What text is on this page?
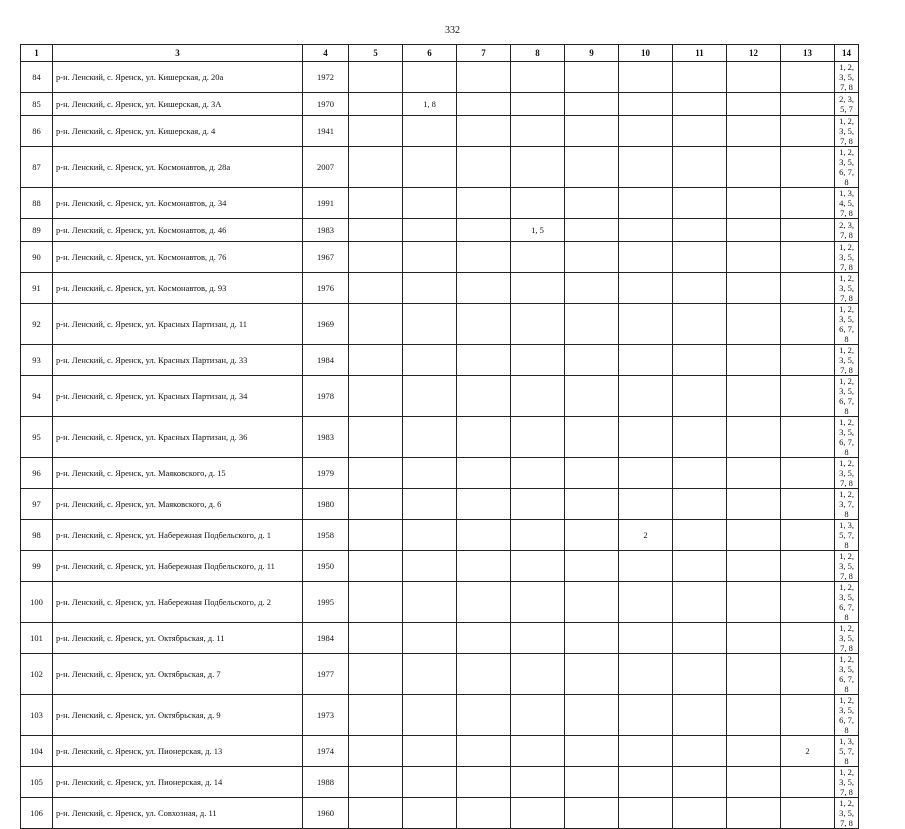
332
1	3	4	5	6	7	8	9	10	11	12	13	14
84	р-н. Ленский, с. Яренск, ул. Кишерская, д. 20а	1972										1, 2, 3, 5, 7, 8
85	р-н. Ленский, с. Яренск, ул. Кишерская, д. 3А	1970		1, 8								2, 3, 5, 7
86	р-н. Ленский, с. Яренск, ул. Кишерская, д. 4	1941										1, 2, 3, 5, 7, 8
87	р-н. Ленский, с. Яренск, ул. Космонавтов, д. 28а	2007										1, 2, 3, 5, 6, 7, 8
88	р-н. Ленский, с. Яренск, ул. Космонавтов, д. 34	1991										1, 3, 4, 5, 7, 8
89	р-н. Ленский, с. Яренск, ул. Космонавтов, д. 46	1983				1, 5						2, 3, 7, 8
90	р-н. Ленский, с. Яренск, ул. Космонавтов, д. 76	1967										1, 2, 3, 5, 7, 8
91	р-н. Ленский, с. Яренск, ул. Космонавтов, д. 93	1976										1, 2, 3, 5, 7, 8
92	р-н. Ленский, с. Яренск, ул. Красных Партизан, д. 11	1969										1, 2, 3, 5, 6, 7, 8
93	р-н. Ленский, с. Яренск, ул. Красных Партизан, д. 33	1984										1, 2, 3, 5, 7, 8
94	р-н. Ленский, с. Яренск, ул. Красных Партизан, д. 34	1978										1, 2, 3, 5, 6, 7, 8
95	р-н. Ленский, с. Яренск, ул. Красных Партизан, д. 36	1983										1, 2, 3, 5, 6, 7, 8
96	р-н. Ленский, с. Яренск, ул. Маяковского, д. 15	1979										1, 2, 3, 5, 7, 8
97	р-н. Ленский, с. Яренск, ул. Маяковского, д. 6	1980										1, 2, 3, 7, 8
98	р-н. Ленский, с. Яренск, ул. Набережная Подбельского, д. 1	1958						2				1, 3, 5, 7, 8
99	р-н. Ленский, с. Яренск, ул. Набережная Подбельского, д. 11	1950										1, 2, 3, 5, 7, 8
100	р-н. Ленский, с. Яренск, ул. Набережная Подбельского, д. 2	1995										1, 2, 3, 5, 6, 7, 8
101	р-н. Ленский, с. Яренск, ул. Октябрьская, д. 11	1984										1, 2, 3, 5, 7, 8
102	р-н. Ленский, с. Яренск, ул. Октябрьская, д. 7	1977										1, 2, 3, 5, 6, 7, 8
103	р-н. Ленский, с. Яренск, ул. Октябрьская, д. 9	1973										1, 2, 3, 5, 6, 7, 8
104	р-н. Ленский, с. Яренск, ул. Пионерская, д. 13	1974									2	1, 3, 5, 7, 8
105	р-н. Ленский, с. Яренск, ул. Пионерская, д. 14	1988										1, 2, 3, 5, 7, 8
106	р-н. Ленский, с. Яренск, ул. Совхозная, д. 11	1960										1, 2, 3, 5, 7, 8
